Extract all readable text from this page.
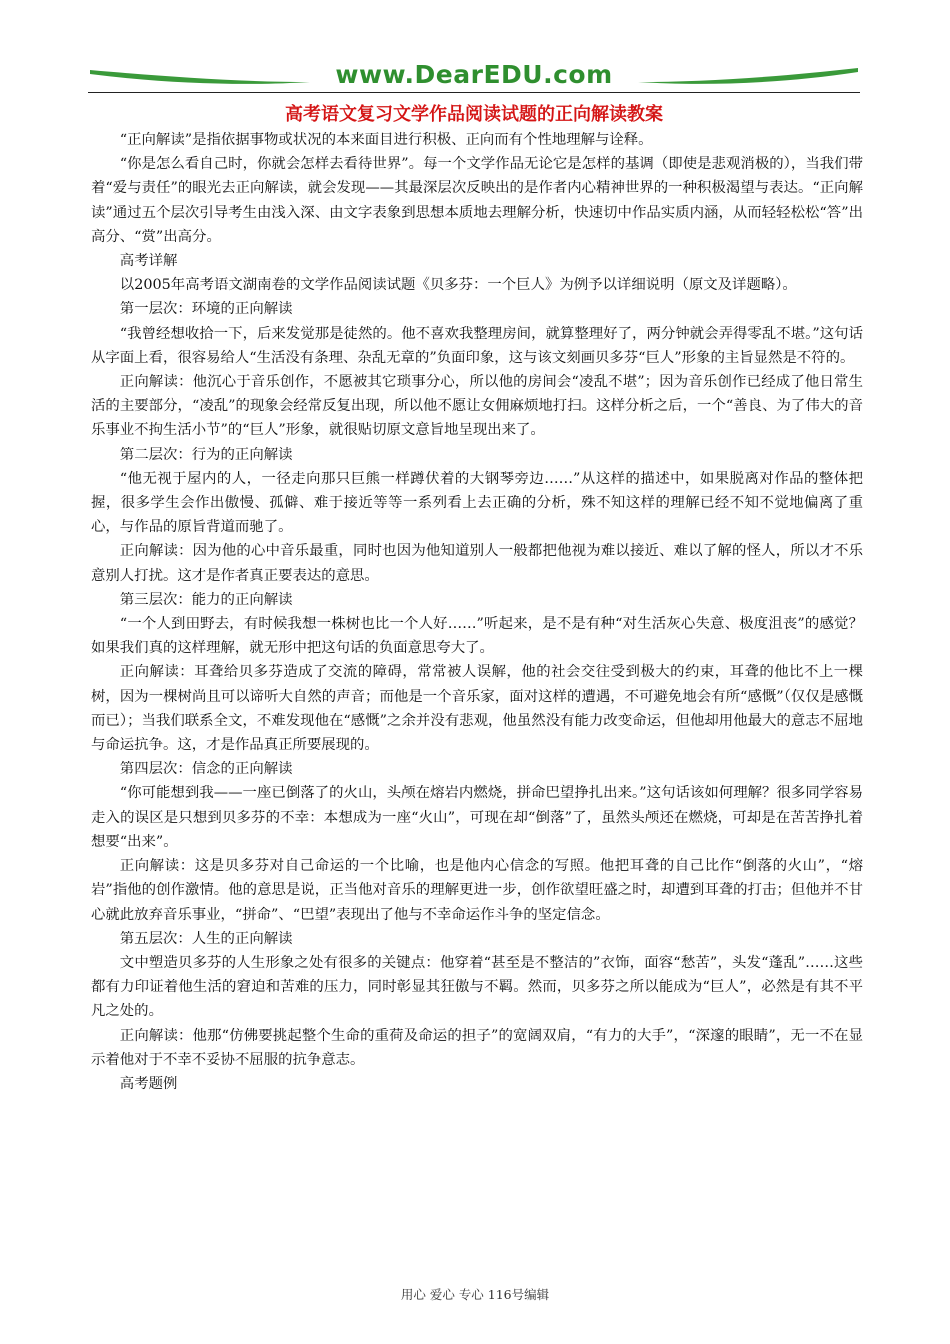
www.DearEDU.com
高考语文复习文学作品阅读试题的正向解读教案

“正向解读”是指依据事物或状况的本来面目进行积极、正向而有个性地理解与诠释。

“你是怎么看自己时，你就会怎样去看待世界”。每一个文学作品无论它是怎样的基调（即使是悲观消极的），当我们带着“爱与责任”的眼光去正向解读，就会发现——其最深层次反映出的是作者内心精神世界的一种积极渴望与表达。“正向解读”通过五个层次引导考生由浅入深、由文字表象到思想本质地去理解分析，快速切中作品实质内涵，从而轻轻松松“答”出高分、“赏”出高分。

高考详解

以2005年高考语文湖南卷的文学作品阅读试题《贝多芬：一个巨人》为例予以详细说明（原文及详题略）。

第一层次：环境的正向解读

“我曾经想收拾一下，后来发觉那是徒然的。他不喜欢我整理房间，就算整理好了，两分钟就会弄得零乱不堪。”这句话从字面上看，很容易给人“生活没有条理、杂乱无章的”负面印象，这与该文刻画贝多芬“巨人”形象的主旨显然是不符的。

正向解读：他沉心于音乐创作，不愿被其它琐事分心，所以他的房间会“凌乱不堪”；因为音乐创作已经成了他日常生活的主要部分，“凌乱”的现象会经常反复出现，所以他不愿让女佣麻烦地打扫。这样分析之后，一个“善良、为了伟大的音乐事业不拘生活小节”的“巨人”形象，就很贴切原文意旨地呈现出来了。

第二层次：行为的正向解读

“他无视于屋内的人，一径走向那只巨熊一样蹲伏着的大钢琴旁边……”从这样的描述中，如果脱离对作品的整体把握，很多学生会作出傲慢、孤僻、难于接近等等一系列看上去正确的分析，殊不知这样的理解已经不知不觉地偏离了重心，与作品的原旨背道而驰了。

正向解读：因为他的心中音乐最重，同时也因为他知道别人一般都把他视为难以接近、难以了解的怪人，所以才不乐意别人打扰。这才是作者真正要表达的意思。

第三层次：能力的正向解读

“一个人到田野去，有时候我想一株树也比一个人好……”听起来，是不是有种“对生活灰心失意、极度沮丧”的感觉？如果我们真的这样理解，就无形中把这句话的负面意思夸大了。

正向解读：耳聋给贝多芬造成了交流的障碍，常常被人误解，他的社会交往受到极大的约束，耳聋的他比不上一棵树，因为一棵树尚且可以谛听大自然的声音；而他是一个音乐家，面对这样的遭遇，不可避免地会有所“感慨”（仅仅是感慨而已）；当我们联系全文，不难发现他在“感慨”之余并没有悲观，他虽然没有能力改变命运，但他却用他最大的意志不屈地与命运抗争。这，才是作品真正所要展现的。

第四层次：信念的正向解读

“你可能想到我——一座已倒落了的火山，头颅在熔岩内燃烧，拼命巴望挣扎出来。”这句话该如何理解？很多同学容易走入的误区是只想到贝多芬的不幸：本想成为一座“火山”，可现在却“倒落”了，虽然头颅还在燃烧，可却是在苦苦挣扎着想要“出来”。

正向解读：这是贝多芬对自己命运的一个比喻，也是他内心信念的写照。他把耳聋的自己比作“倒落的火山”，“熔岩”指他的创作激情。他的意思是说，正当他对音乐的理解更进一步，创作欲望旺盛之时，却遭到耳聋的打击；但他并不甘心就此放弃音乐事业，“拼命”、“巴望”表现出了他与不幸命运作斗争的坚定信念。

第五层次：人生的正向解读

文中塑造贝多芬的人生形象之处有很多的关键点：他穿着“甚至是不整洁的”衣饰，面容“愁苦”，头发“蓬乱”……这些都有力印证着他生活的窘迫和苦难的压力，同时彰显其狂傲与不羁。然而，贝多芬之所以能成为“巨人”，必然是有其不平凡之处的。

正向解读：他那“仿佛要挑起整个生命的重荷及命运的担子”的宽阔双肩，“有力的大手”，“深邃的眼睛”，无一不在显示着他对于不幸不妥协不屈服的抗争意志。

高考题例

用心 爱心 专心 116号编辑
